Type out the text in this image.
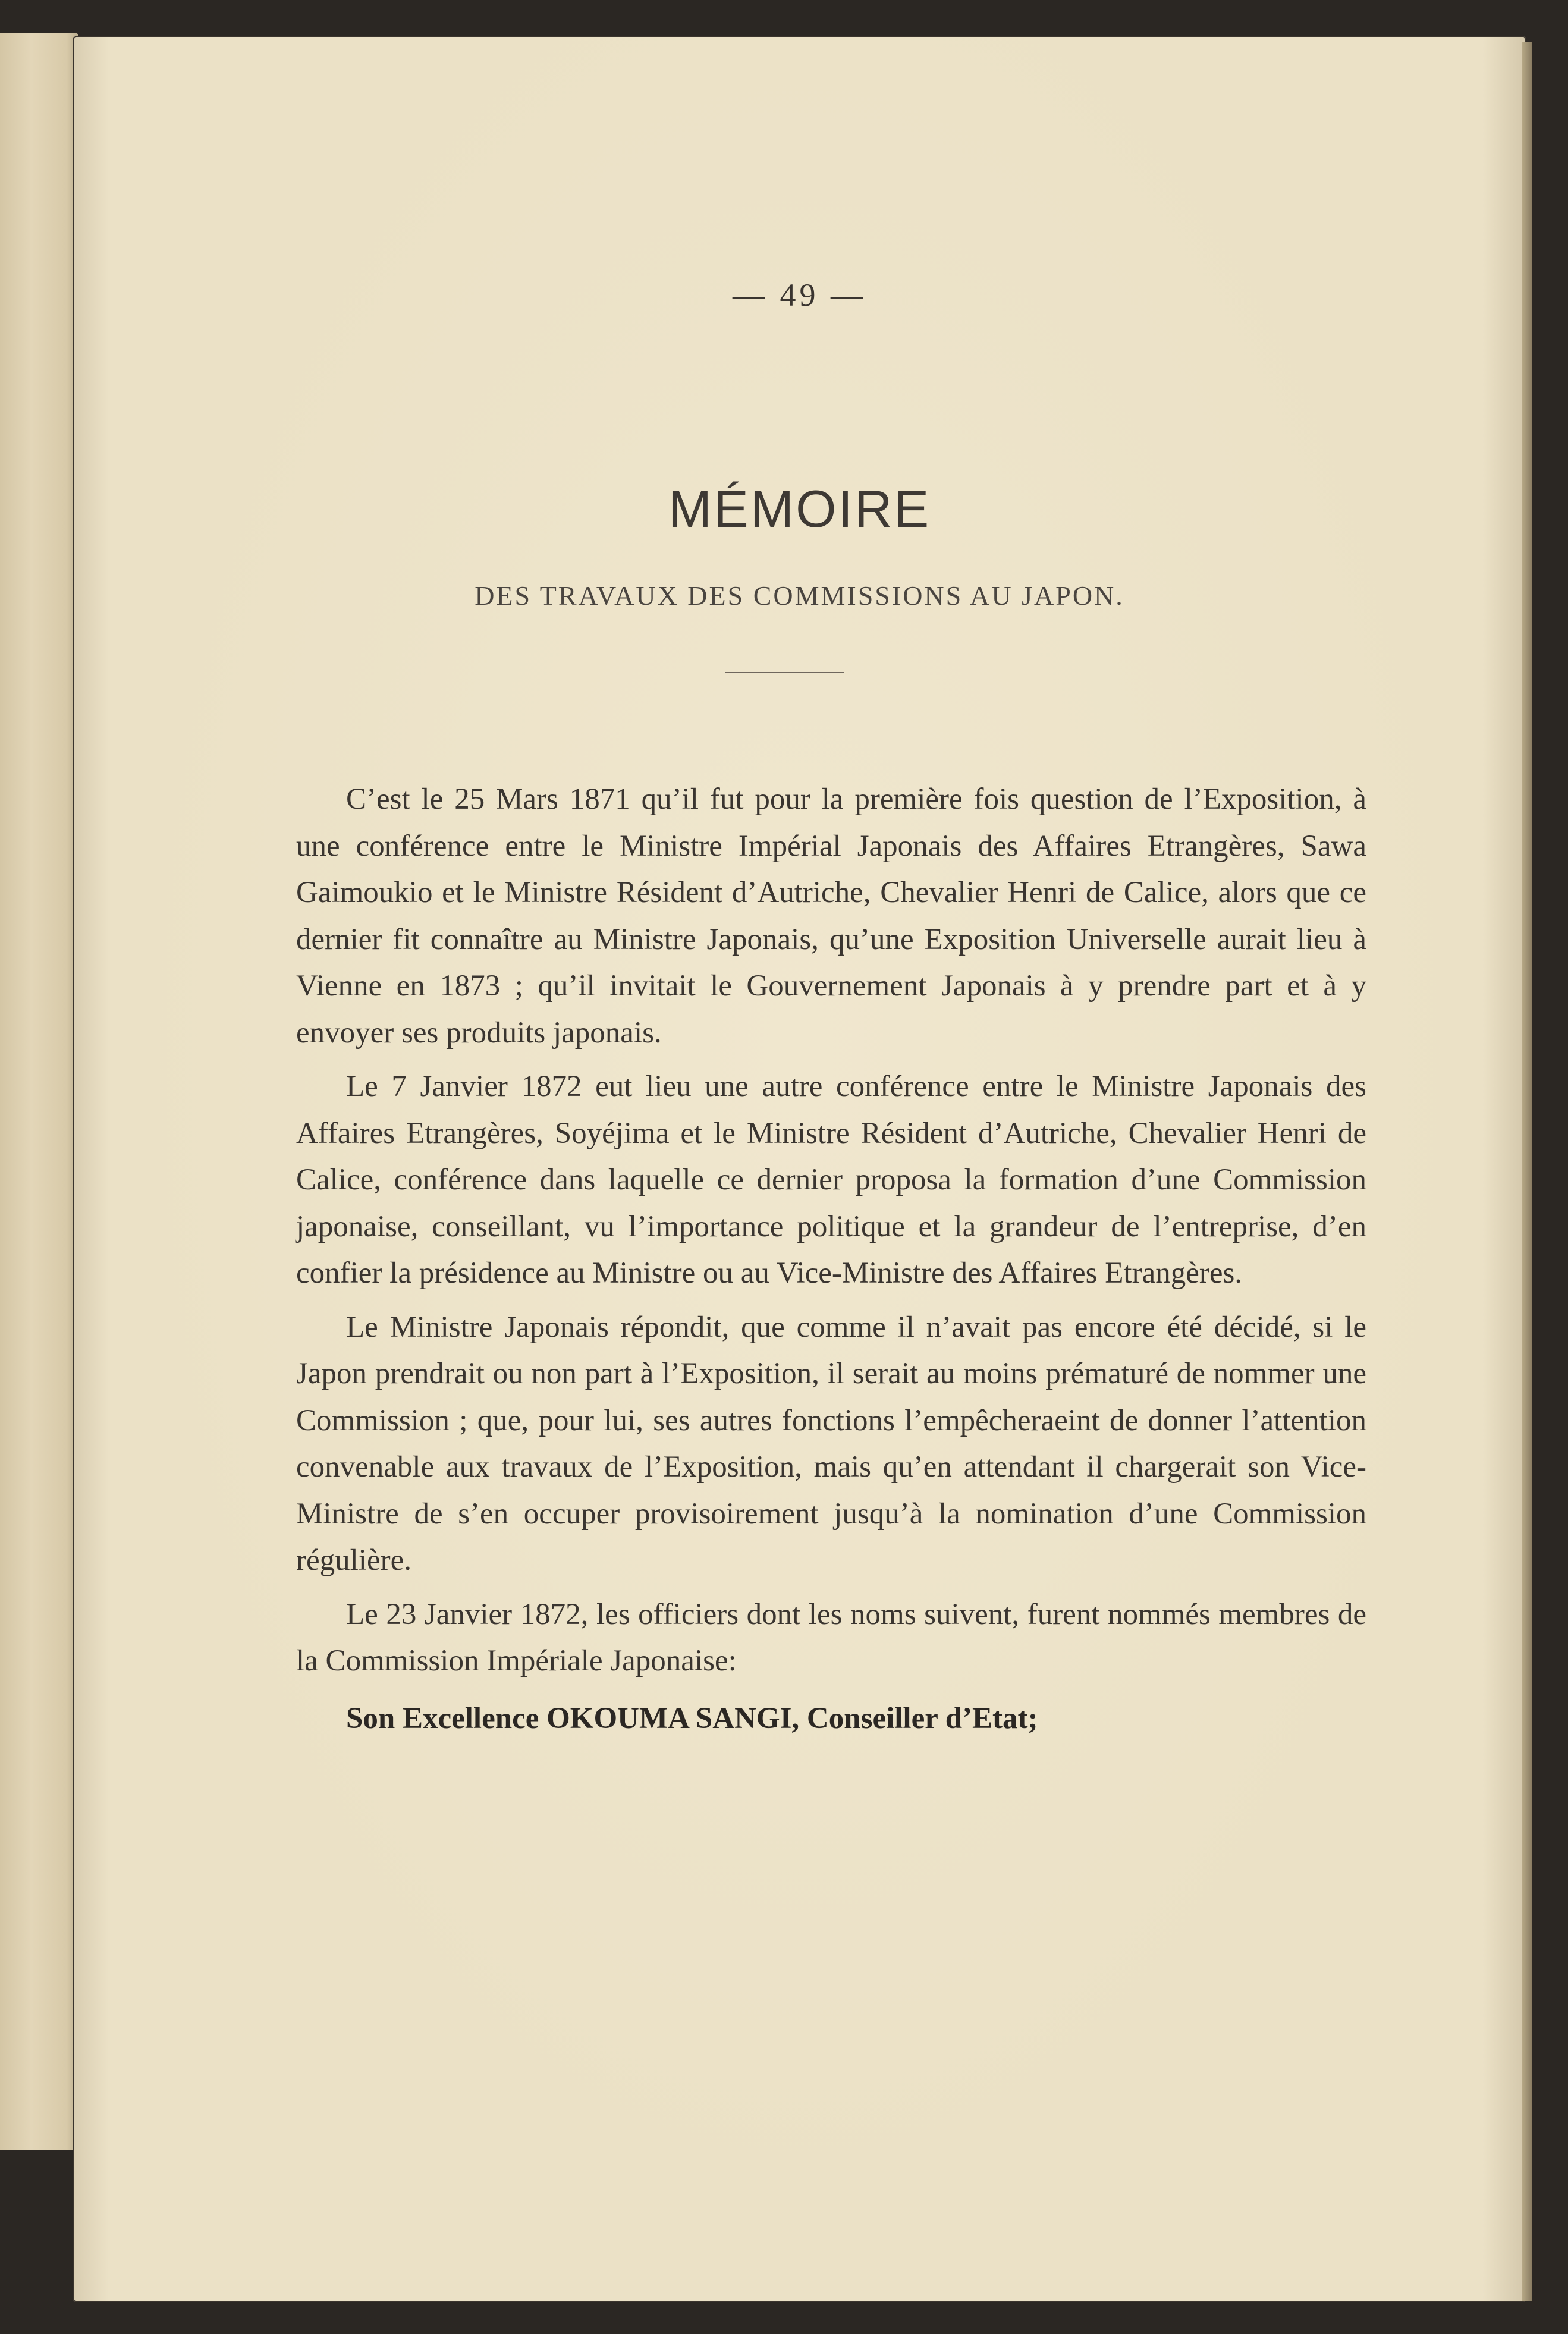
— 49 —
MÉMOIRE
DES TRAVAUX DES COMMISSIONS AU JAPON.

C’est le 25 Mars 1871 qu’il fut pour la première fois question de l’Exposition, à une conférence entre le Ministre Impérial Japonais des Affaires Etrangères, Sawa Gaimoukio et le Ministre Résident d’Autriche, Chevalier Henri de Calice, alors que ce dernier fit connaître au Ministre Japonais, qu’une Exposition Universelle aurait lieu à Vienne en 1873 ; qu’il invitait le Gouvernement Japonais à y prendre part et à y envoyer ses produits japonais.

Le 7 Janvier 1872 eut lieu une autre conférence entre le Ministre Japonais des Affaires Etrangères, Soyéjima et le Ministre Résident d’Autriche, Chevalier Henri de Calice, conférence dans laquelle ce dernier proposa la formation d’une Commission japonaise, conseillant, vu l’importance politique et la grandeur de l’entreprise, d’en confier la présidence au Ministre ou au Vice-Ministre des Affaires Etrangères.

Le Ministre Japonais répondit, que comme il n’avait pas encore été décidé, si le Japon prendrait ou non part à l’Exposition, il serait au moins prématuré de nommer une Commission ; que, pour lui, ses autres fonctions l’empêcheraeint de donner l’attention convenable aux travaux de l’Exposition, mais qu’en attendant il chargerait son Vice-Ministre de s’en occuper provisoirement jusqu’à la nomination d’une Commission régulière.

Le 23 Janvier 1872, les officiers dont les noms suivent, furent nommés membres de la Commission Impériale Japonaise:

Son Excellence OKOUMA SANGI, Conseiller d’Etat;
